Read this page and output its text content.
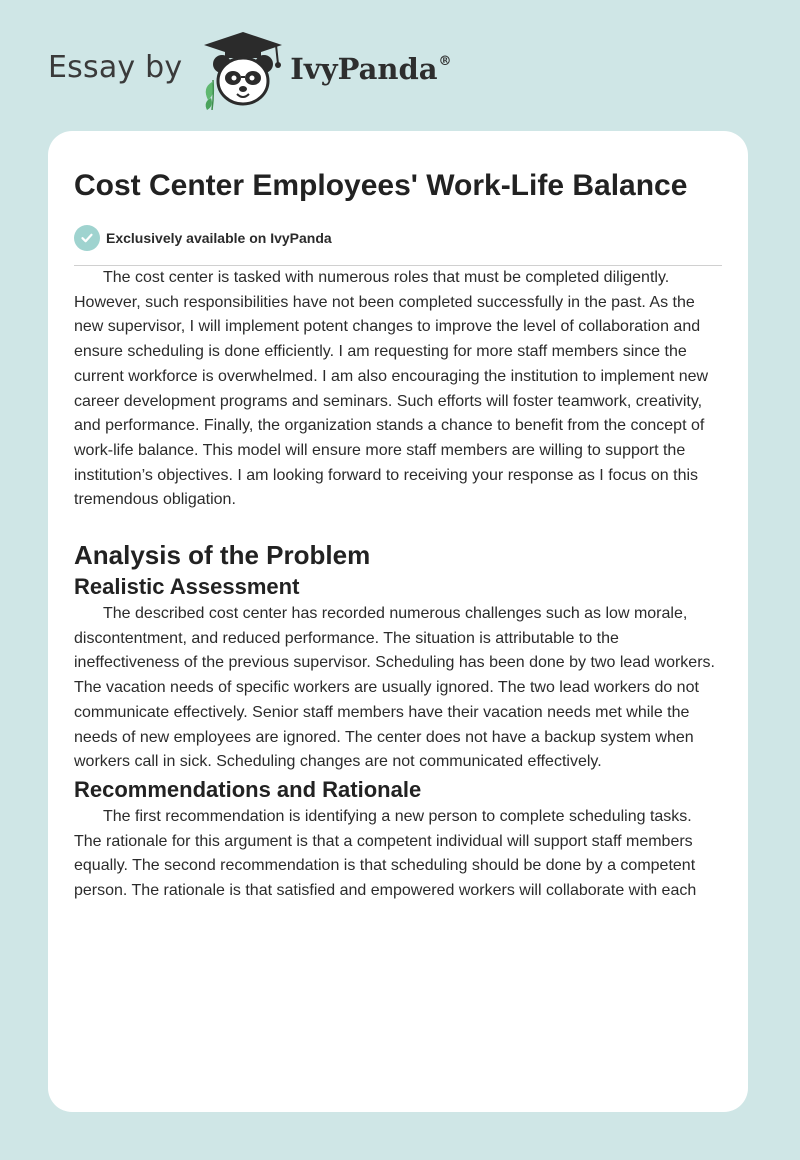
Essay by	IvyPanda®
Cost Center Employees' Work-Life Balance
Exclusively available on IvyPanda

The cost center is tasked with numerous roles that must be completed diligently. However, such responsibilities have not been completed successfully in the past. As the new supervisor, I will implement potent changes to improve the level of collaboration and ensure scheduling is done efficiently. I am requesting for more staff members since the current workforce is overwhelmed. I am also encouraging the institution to implement new career development programs and seminars. Such efforts will foster teamwork, creativity, and performance. Finally, the organization stands a chance to benefit from the concept of work-life balance. This model will ensure more staff members are willing to support the institution’s objectives. I am looking forward to receiving your response as I focus on this tremendous obligation.

Analysis of the Problem
Realistic Assessment

The described cost center has recorded numerous challenges such as low morale, discontentment, and reduced performance. The situation is attributable to the ineffectiveness of the previous supervisor. Scheduling has been done by two lead workers. The vacation needs of specific workers are usually ignored. The two lead workers do not communicate effectively. Senior staff members have their vacation needs met while the needs of new employees are ignored. The center does not have a backup system when workers call in sick. Scheduling changes are not communicated effectively.

Recommendations and Rationale

The first recommendation is identifying a new person to complete scheduling tasks. The rationale for this argument is that a competent individual will support staff members equally. The second recommendation is that scheduling should be done by a competent person. The rationale is that satisfied and empowered workers will collaborate with each
